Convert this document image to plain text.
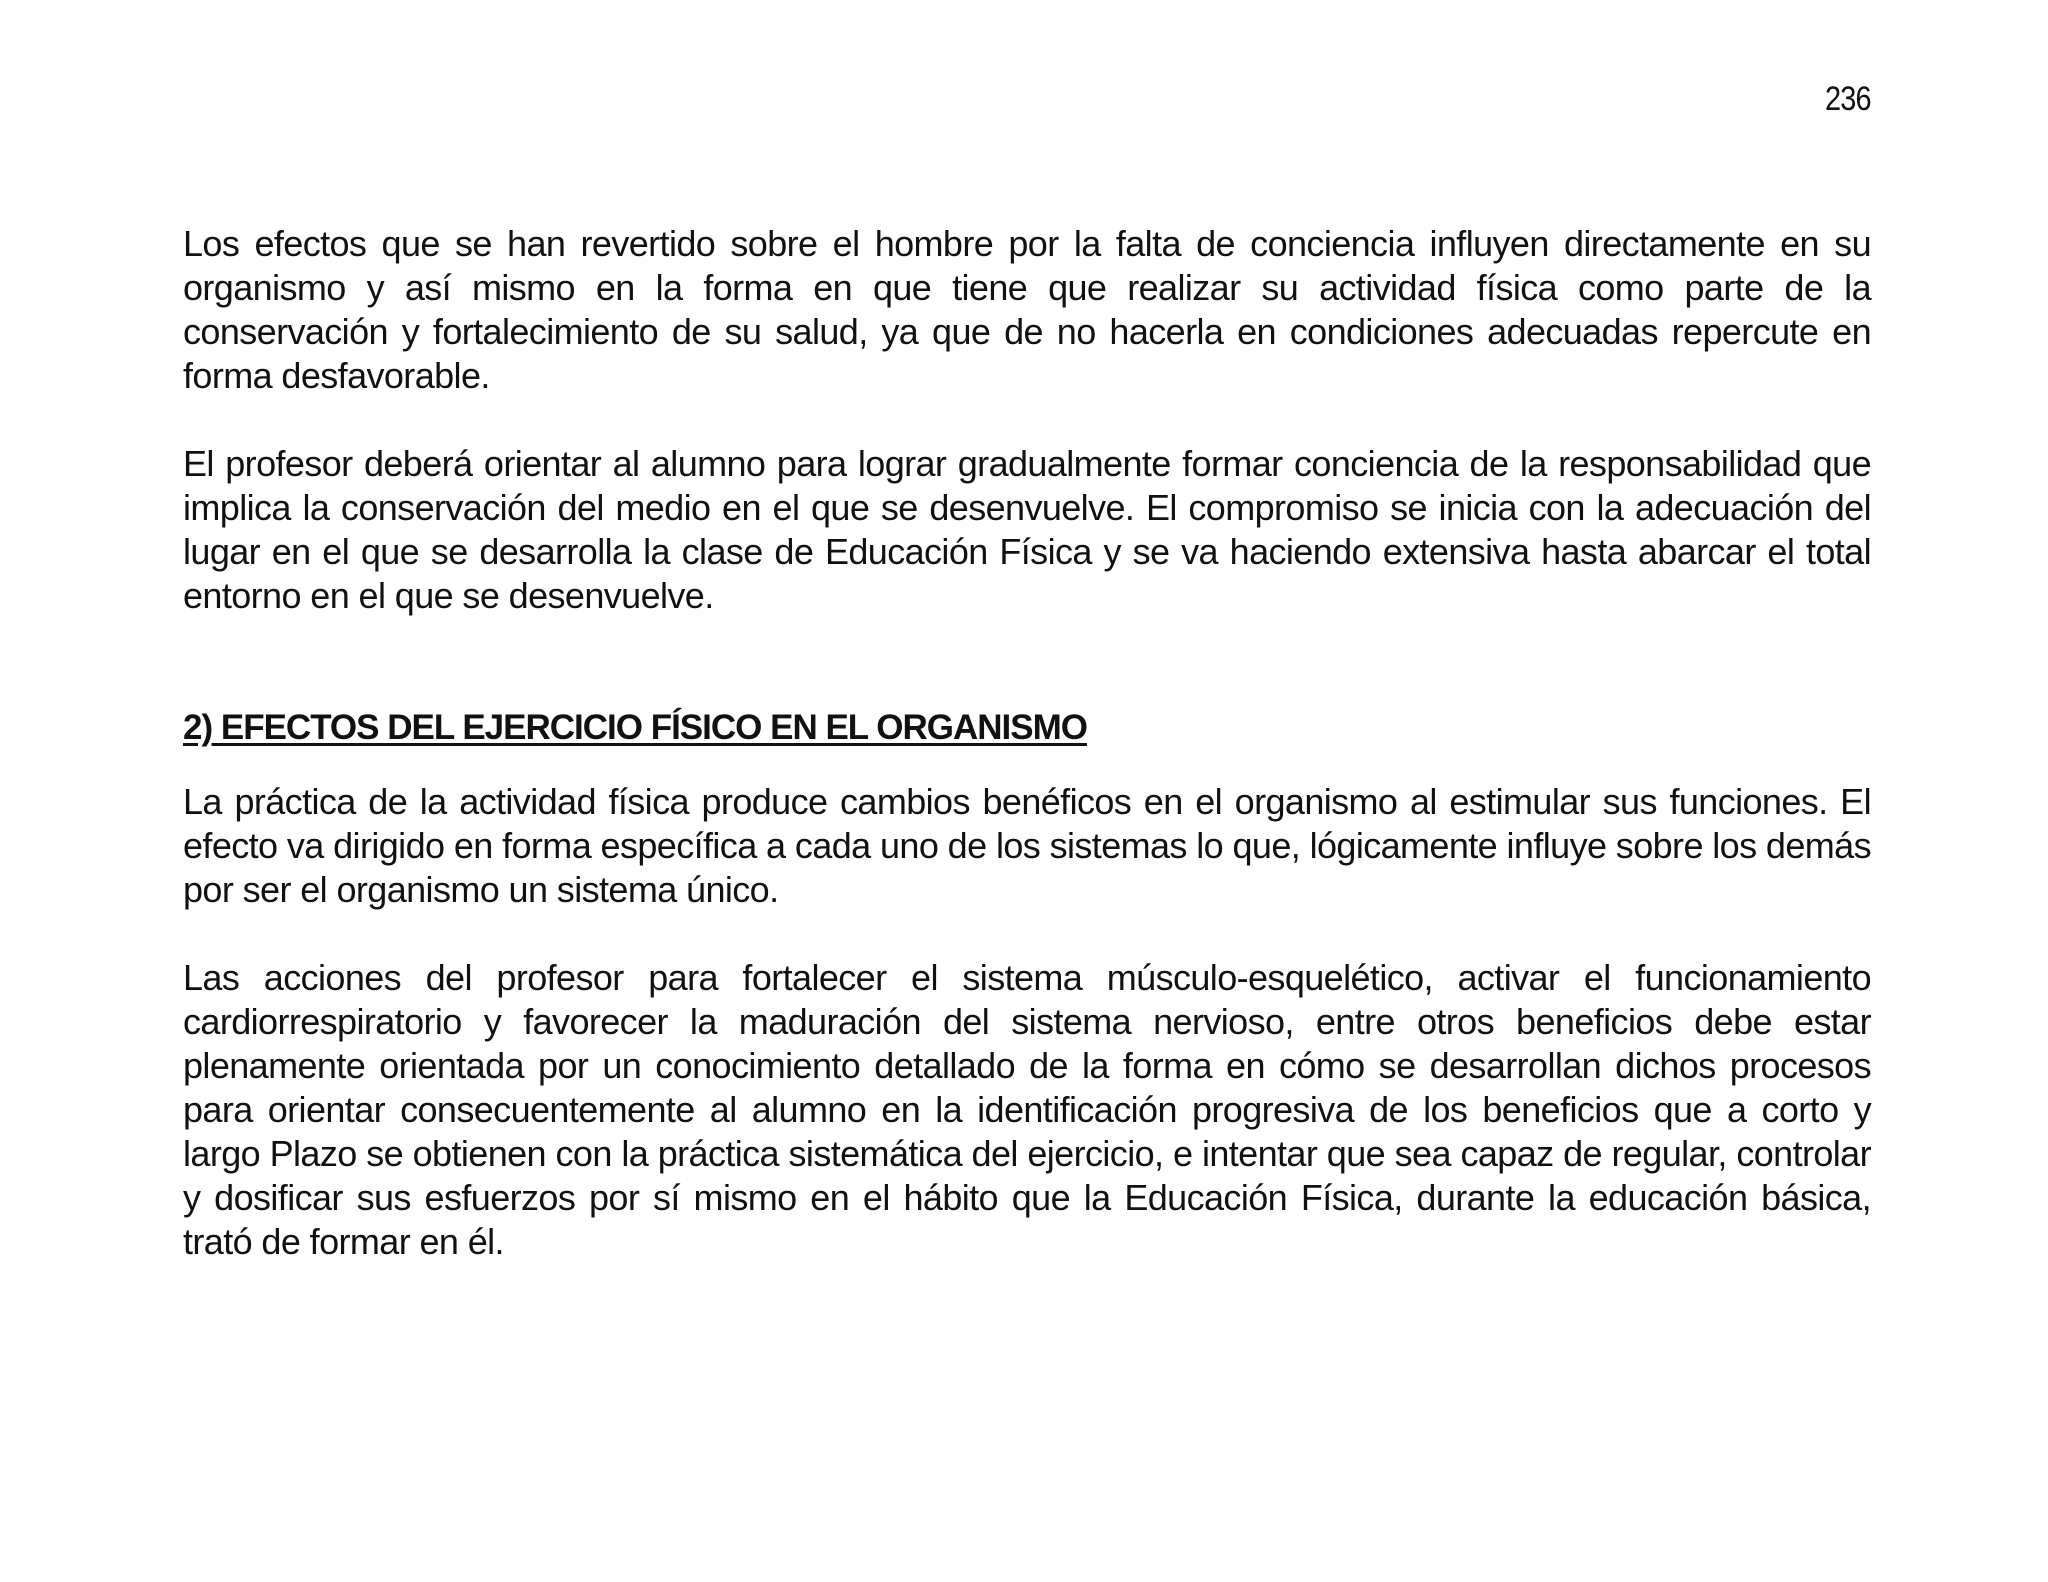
236

Los efectos que se han revertido sobre el hombre por la falta de conciencia influyen directamente en su organismo y así mismo en la forma en que tiene que realizar su actividad física como parte de la conservación y fortalecimiento de su salud, ya que de no hacerla en condiciones adecuadas repercute en forma desfavorable.

El profesor deberá orientar al alumno para lograr gradualmente formar conciencia de la responsabilidad que implica la conservación del medio en el que se desenvuelve. El compromiso se inicia con la adecuación del lugar en el que se desarrolla la clase de Educación Física y se va haciendo extensiva hasta abarcar el total entorno en el que se desenvuelve.

2) EFECTOS DEL EJERCICIO FÍSICO EN EL ORGANISMO

La práctica de la actividad física produce cambios benéficos en el organismo al estimular sus funciones. El efecto va dirigido en forma específica a cada uno de los sistemas lo que, lógicamente influye sobre los demás por ser el organismo un sistema único.

Las acciones del profesor para fortalecer el sistema músculo-esquelético, activar el funcionamiento cardiorrespiratorio y favorecer la maduración del sistema nervioso, entre otros beneficios debe estar plenamente orientada por un conocimiento detallado de la forma en cómo se desarrollan dichos procesos para orientar consecuentemente al alumno en la identificación progresiva de los beneficios que a corto y largo Plazo se obtienen con la práctica sistemática del ejercicio, e intentar que sea capaz de regular, controlar y dosificar sus esfuerzos por sí mismo en el hábito que la Educación Física, durante la educación básica, trató de formar en él.
